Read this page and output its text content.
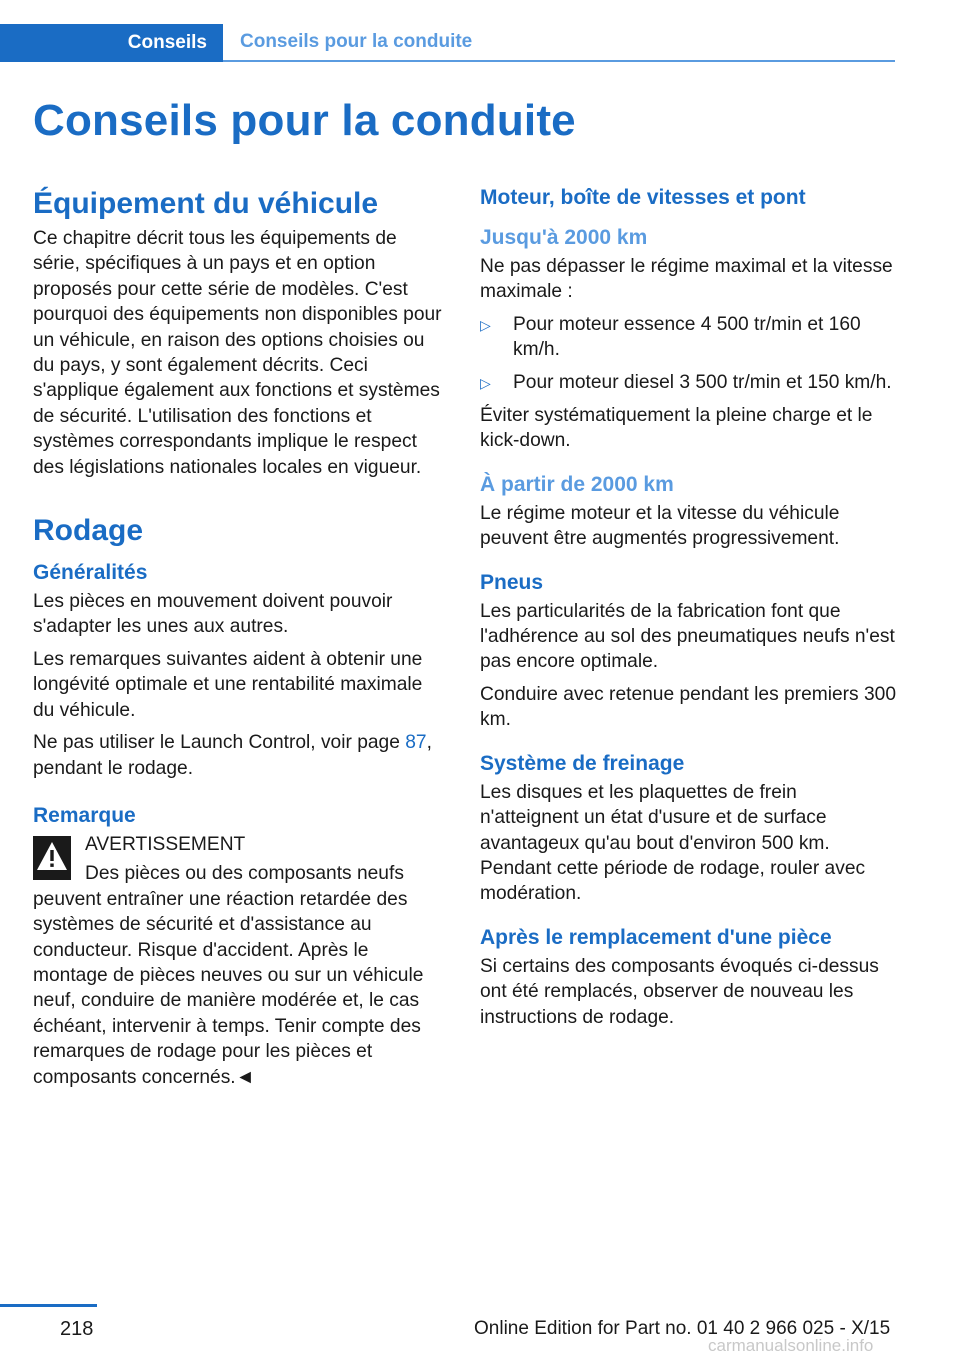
Conseils	Conseils pour la conduite
Conseils pour la conduite
Équipement du véhicule

Ce chapitre décrit tous les équipements de série, spécifiques à un pays et en option proposés pour cette série de modèles. C'est pourquoi des équipements non disponibles pour un véhicule, en raison des options choisies ou du pays, y sont également décrits. Ceci s'applique également aux fonctions et systèmes de sécurité. L'utilisation des fonctions et systèmes correspondants implique le respect des législations nationales locales en vigueur.

Rodage
Généralités

Les pièces en mouvement doivent pouvoir s'adapter les unes aux autres.

Les remarques suivantes aident à obtenir une longévité optimale et une rentabilité maximale du véhicule.

Ne pas utiliser le Launch Control, voir page 87, pendant le rodage.

Remarque

AVERTISSEMENT

Des pièces ou des composants neufs peuvent entraîner une réaction retardée des systèmes de sécurité et d'assistance au conducteur. Risque d'accident. Après le montage de pièces neuves ou sur un véhicule neuf, conduire de manière modérée et, le cas échéant, intervenir à temps. Tenir compte des remarques de rodage pour les pièces et composants concernés.◄

Moteur, boîte de vitesses et pont
Jusqu'à 2000 km

Ne pas dépasser le régime maximal et la vitesse maximale :

▷	Pour moteur essence 4 500 tr/min et 160 km/h.
▷	Pour moteur diesel 3 500 tr/min et 150 km/h.

Éviter systématiquement la pleine charge et le kick-down.

À partir de 2000 km

Le régime moteur et la vitesse du véhicule peuvent être augmentés progressivement.

Pneus

Les particularités de la fabrication font que l'adhérence au sol des pneumatiques neufs n'est pas encore optimale.

Conduire avec retenue pendant les premiers 300 km.

Système de freinage

Les disques et les plaquettes de frein n'atteignent un état d'usure et de surface avantageux qu'au bout d'environ 500 km. Pendant cette période de rodage, rouler avec modération.

Après le remplacement d'une pièce

Si certains des composants évoqués ci-dessus ont été remplacés, observer de nouveau les instructions de rodage.

218	Online Edition for Part no. 01 40 2 966 025 - X/15
carmanualsonline.info
